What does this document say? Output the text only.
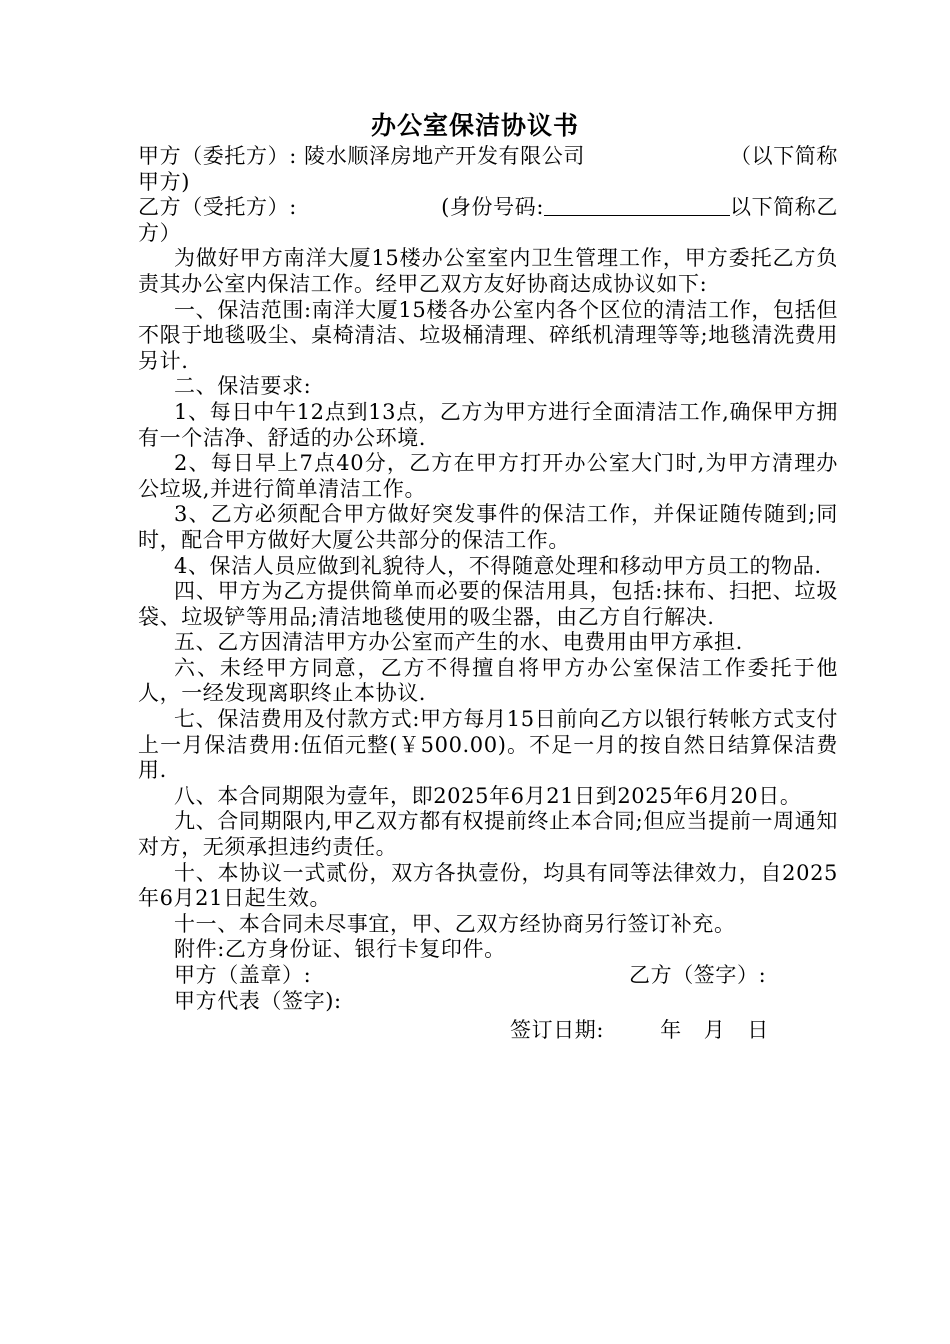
办公室保洁协议书
甲方（委托方）: 陵水顺泽房地产开发有限公司	（以下简称

甲方)

乙方（受托方）:	(身份号码:	以下简称乙

方）

为做好甲方南洋大厦15楼办公室室内卫生管理工作，甲方委托乙方负责其办公室内保洁工作。经甲乙双方友好协商达成协议如下:

一、保洁范围:南洋大厦15楼各办公室内各个区位的清洁工作，包括但不限于地毯吸尘、桌椅清洁、垃圾桶清理、碎纸机清理等等;地毯清洗费用另计.

二、保洁要求:

1、每日中午12点到13点，乙方为甲方进行全面清洁工作,确保甲方拥有一个洁净、舒适的办公环境.

2、每日早上7点40分，乙方在甲方打开办公室大门时,为甲方清理办公垃圾,并进行简单清洁工作。

3、乙方必须配合甲方做好突发事件的保洁工作，并保证随传随到;同时，配合甲方做好大厦公共部分的保洁工作。

4、保洁人员应做到礼貌待人，不得随意处理和移动甲方员工的物品.

四、甲方为乙方提供简单而必要的保洁用具，包括:抹布、扫把、垃圾袋、垃圾铲等用品;清洁地毯使用的吸尘器，由乙方自行解决.

五、乙方因清洁甲方办公室而产生的水、电费用由甲方承担.

六、未经甲方同意，乙方不得擅自将甲方办公室保洁工作委托于他人，一经发现离职终止本协议.

七、保洁费用及付款方式:甲方每月15日前向乙方以银行转帐方式支付上一月保洁费用:伍佰元整(￥500.00)。不足一月的按自然日结算保洁费用.

八、本合同期限为壹年，即2025年6月21日到2025年6月20日。

九、合同期限内,甲乙双方都有权提前终止本合同;但应当提前一周通知对方，无须承担违约责任。

十、本协议一式贰份，双方各执壹份，均具有同等法律效力，自2025年6月21日起生效。

十一、本合同未尽事宜，甲、乙双方经协商另行签订补充。

附件:乙方身份证、银行卡复印件。

甲方（盖章）:	乙方（签字）:
甲方代表（签字):
签订日期:	年 月 日
